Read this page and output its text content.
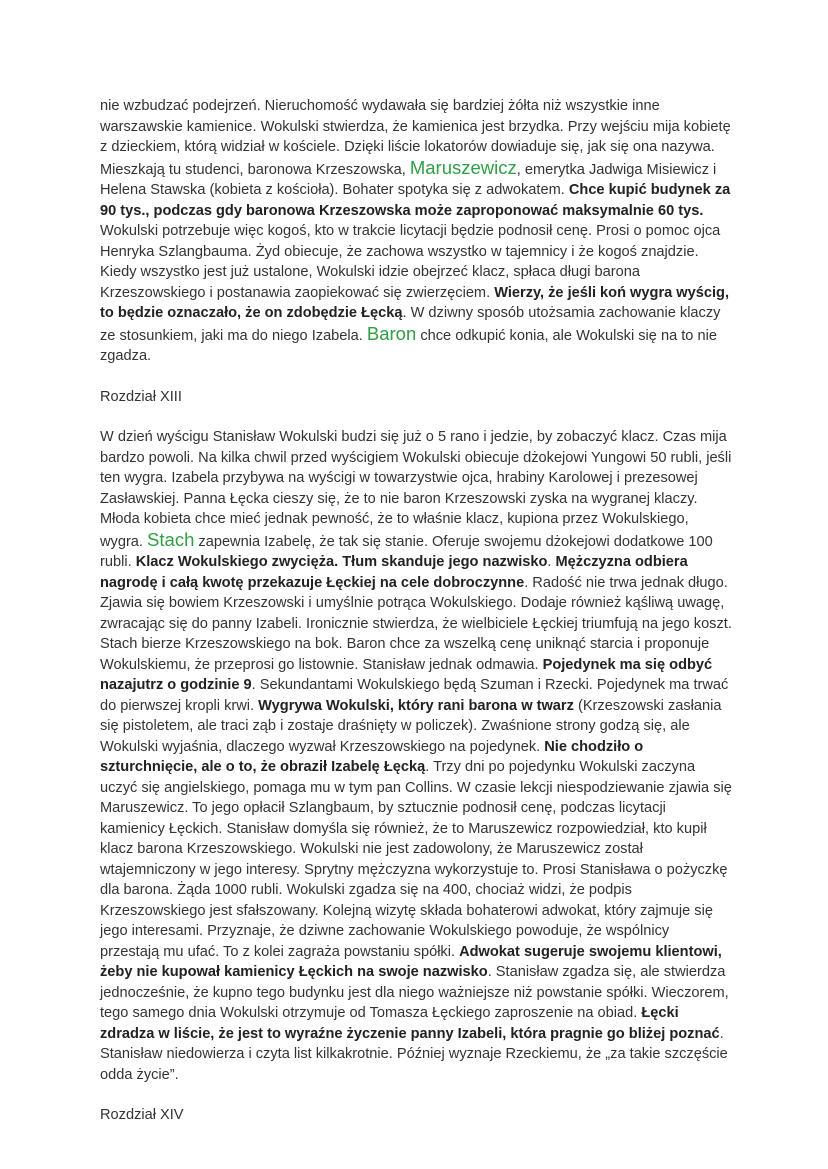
nie wzbudzać podejrzeń. Nieruchomość wydawała się bardziej żółta niż wszystkie inne warszawskie kamienice. Wokulski stwierdza, że kamienica jest brzydka. Przy wejściu mija kobietę z dzieckiem, którą widział w kościele. Dzięki liście lokatorów dowiaduje się, jak się ona nazywa. Mieszkają tu studenci, baronowa Krzeszowska, Maruszewicz, emerytka Jadwiga Misiewicz i Helena Stawska (kobieta z kościoła). Bohater spotyka się z adwokatem. Chce kupić budynek za 90 tys., podczas gdy baronowa Krzeszowska może zaproponować maksymalnie 60 tys. Wokulski potrzebuje więc kogoś, kto w trakcie licytacji będzie podnosił cenę. Prosi o pomoc ojca Henryka Szlangbauma. Żyd obiecuje, że zachowa wszystko w tajemnicy i że kogoś znajdzie. Kiedy wszystko jest już ustalone, Wokulski idzie obejrzeć klacz, spłaca długi barona Krzeszowskiego i postanawia zaopiekować się zwierzęciem. Wierzy, że jeśli koń wygra wyścig, to będzie oznaczało, że on zdobędzie Łęcką. W dziwny sposób utożsamia zachowanie klaczy ze stosunkiem, jaki ma do niego Izabela. Baron chce odkupić konia, ale Wokulski się na to nie zgadza.

Rozdział XIII

W dzień wyścigu Stanisław Wokulski budzi się już o 5 rano i jedzie, by zobaczyć klacz. Czas mija bardzo powoli. Na kilka chwil przed wyścigiem Wokulski obiecuje dżokejowi Yungowi 50 rubli, jeśli ten wygra. Izabela przybywa na wyścigi w towarzystwie ojca, hrabiny Karolowej i prezesowej Zasławskiej. Panna Łęcka cieszy się, że to nie baron Krzeszowski zyska na wygranej klaczy. Młoda kobieta chce mieć jednak pewność, że to właśnie klacz, kupiona przez Wokulskiego, wygra. Stach zapewnia Izabelę, że tak się stanie. Oferuje swojemu dżokejowi dodatkowe 100 rubli. Klacz Wokulskiego zwycięża. Tłum skanduje jego nazwisko. Mężczyzna odbiera nagrodę i całą kwotę przekazuje Łęckiej na cele dobroczynne. Radość nie trwa jednak długo. Zjawia się bowiem Krzeszowski i umyślnie potrąca Wokulskiego. Dodaje również kąśliwą uwagę, zwracając się do panny Izabeli. Ironicznie stwierdza, że wielbiciele Łęckiej triumfują na jego koszt. Stach bierze Krzeszowskiego na bok. Baron chce za wszelką cenę uniknąć starcia i proponuje Wokulskiemu, że przeprosi go listownie. Stanisław jednak odmawia. Pojedynek ma się odbyć nazajutrz o godzinie 9. Sekundantami Wokulskiego będą Szuman i Rzecki. Pojedynek ma trwać do pierwszej kropli krwi. Wygrywa Wokulski, który rani barona w twarz (Krzeszowski zasłania się pistoletem, ale traci ząb i zostaje draśnięty w policzek). Zwaśnione strony godzą się, ale Wokulski wyjaśnia, dlaczego wyzwał Krzeszowskiego na pojedynek. Nie chodziło o szturchnięcie, ale o to, że obraził Izabelę Łęcką. Trzy dni po pojedynku Wokulski zaczyna uczyć się angielskiego, pomaga mu w tym pan Collins. W czasie lekcji niespodziewanie zjawia się Maruszewicz. To jego opłacił Szlangbaum, by sztucznie podnosił cenę, podczas licytacji kamienicy Łęckich. Stanisław domyśla się również, że to Maruszewicz rozpowiedział, kto kupił klacz barona Krzeszowskiego. Wokulski nie jest zadowolony, że Maruszewicz został wtajemniczony w jego interesy. Sprytny mężczyzna wykorzystuje to. Prosi Stanisława o pożyczkę dla barona. Żąda 1000 rubli. Wokulski zgadza się na 400, chociaż widzi, że podpis Krzeszowskiego jest sfałszowany. Kolejną wizytę składa bohaterowi adwokat, który zajmuje się jego interesami. Przyznaje, że dziwne zachowanie Wokulskiego powoduje, że wspólnicy przestają mu ufać. To z kolei zagraża powstaniu spółki. Adwokat sugeruje swojemu klientowi, żeby nie kupował kamienicy Łęckich na swoje nazwisko. Stanisław zgadza się, ale stwierdza jednocześnie, że kupno tego budynku jest dla niego ważniejsze niż powstanie spółki. Wieczorem, tego samego dnia Wokulski otrzymuje od Tomasza Łęckiego zaproszenie na obiad. Łęcki zdradza w liście, że jest to wyraźne życzenie panny Izabeli, która pragnie go bliżej poznać. Stanisław niedowierza i czyta list kilkakrotnie. Później wyznaje Rzeckiemu, że „za takie szczęście odda życie”.

Rozdział XIV
